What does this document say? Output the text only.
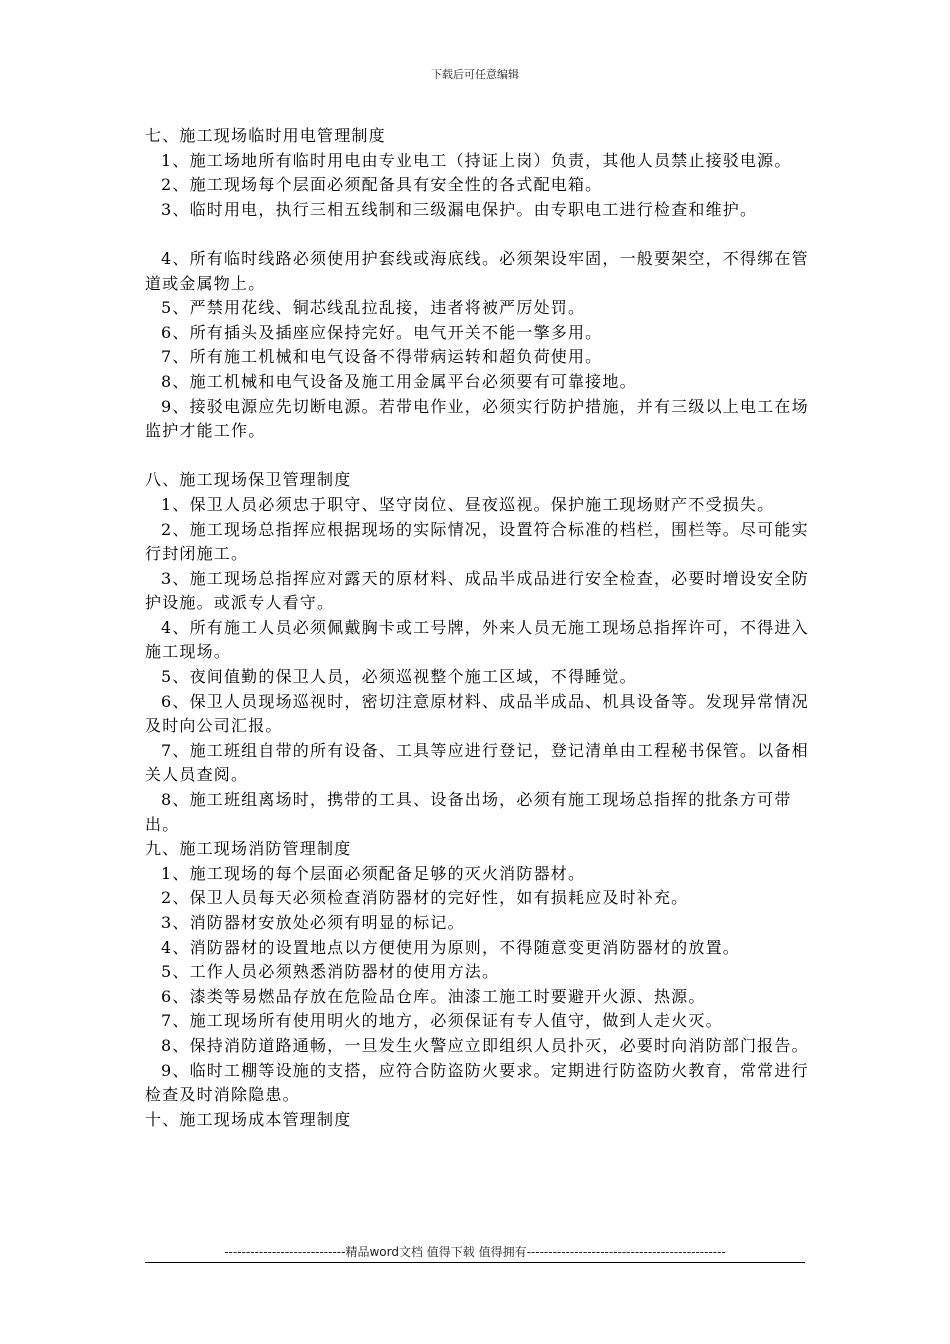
下载后可任意编辑

七、施工现场临时用电管理制度

1、施工场地所有临时用电由专业电工（持证上岗）负责，其他人员禁止接驳电源。

2、施工现场每个层面必须配备具有安全性的各式配电箱。

3、临时用电，执行三相五线制和三级漏电保护。由专职电工进行检查和维护。

4、所有临时线路必须使用护套线或海底线。必须架设牢固，一般要架空，不得绑在管道或金属物上。

5、严禁用花线、铜芯线乱拉乱接，违者将被严厉处罚。

6、所有插头及插座应保持完好。电气开关不能一擎多用。

7、所有施工机械和电气设备不得带病运转和超负荷使用。

8、施工机械和电气设备及施工用金属平台必须要有可靠接地。

9、接驳电源应先切断电源。若带电作业，必须实行防护措施，并有三级以上电工在场监护才能工作。

八、施工现场保卫管理制度

1、保卫人员必须忠于职守、坚守岗位、昼夜巡视。保护施工现场财产不受损失。

2、施工现场总指挥应根据现场的实际情况，设置符合标准的档栏，围栏等。尽可能实行封闭施工。

3、施工现场总指挥应对露天的原材料、成品半成品进行安全检查，必要时增设安全防护设施。或派专人看守。

4、所有施工人员必须佩戴胸卡或工号牌，外来人员无施工现场总指挥许可，不得进入施工现场。

5、夜间值勤的保卫人员，必须巡视整个施工区域，不得睡觉。

6、保卫人员现场巡视时，密切注意原材料、成品半成品、机具设备等。发现异常情况及时向公司汇报。

7、施工班组自带的所有设备、工具等应进行登记，登记清单由工程秘书保管。以备相关人员查阅。

8、施工班组离场时，携带的工具、设备出场，必须有施工现场总指挥的批条方可带出。

九、施工现场消防管理制度

1、施工现场的每个层面必须配备足够的灭火消防器材。

2、保卫人员每天必须检查消防器材的完好性，如有损耗应及时补充。

3、消防器材安放处必须有明显的标记。

4、消防器材的设置地点以方便使用为原则，不得随意变更消防器材的放置。

5、工作人员必须熟悉消防器材的使用方法。

6、漆类等易燃品存放在危险品仓库。油漆工施工时要避开火源、热源。

7、施工现场所有使用明火的地方，必须保证有专人值守，做到人走火灭。

8、保持消防道路通畅，一旦发生火警应立即组织人员扑灭，必要时向消防部门报告。

9、临时工棚等设施的支搭，应符合防盗防火要求。定期进行防盗防火教育，常常进行检查及时消除隐患。

十、施工现场成本管理制度

----------------------------精品word文档 值得下载 值得拥有----------------------------------------------
